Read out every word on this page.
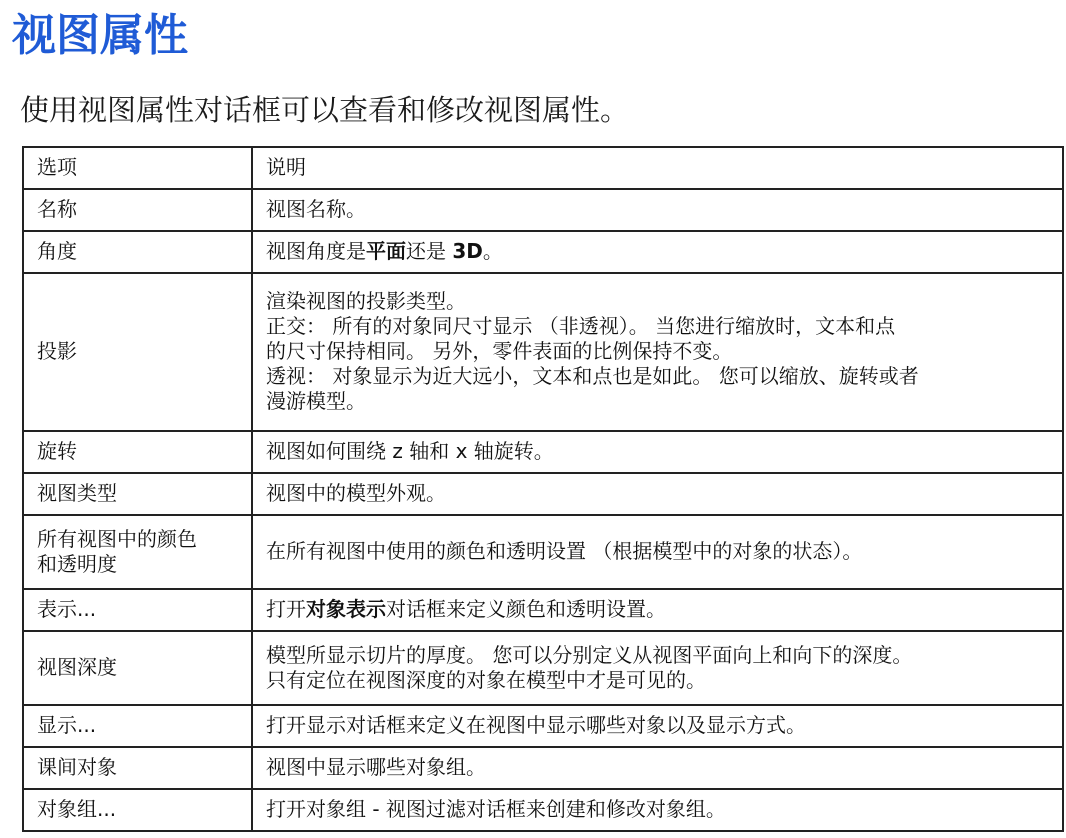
视图属性

使用视图属性对话框可以查看和修改视图属性。

选项	说明
名称	视图名称。
角度	视图角度是平面还是 3D。
投影	渲染视图的投影类型。
正交： 所有的对象同尺寸显示 （非透视）。 当您进行缩放时，文本和点
的尺寸保持相同。 另外，零件表面的比例保持不变。
透视： 对象显示为近大远小，文本和点也是如此。 您可以缩放、旋转或者
漫游模型。

旋转	视图如何围绕 z 轴和 x 轴旋转。
视图类型	视图中的模型外观。

所有视图中的颜色
和透明度	在所有视图中使用的颜色和透明设置 （根据模型中的对象的状态）。
表示...	打开对象表示对话框来定义颜色和透明设置。
视图深度	模型所显示切片的厚度。 您可以分别定义从视图平面向上和向下的深度。
只有定位在视图深度的对象在模型中才是可见的。

显示...	打开显示对话框来定义在视图中显示哪些对象以及显示方式。
课间对象	视图中显示哪些对象组。
对象组...	打开对象组 - 视图过滤对话框来创建和修改对象组。
